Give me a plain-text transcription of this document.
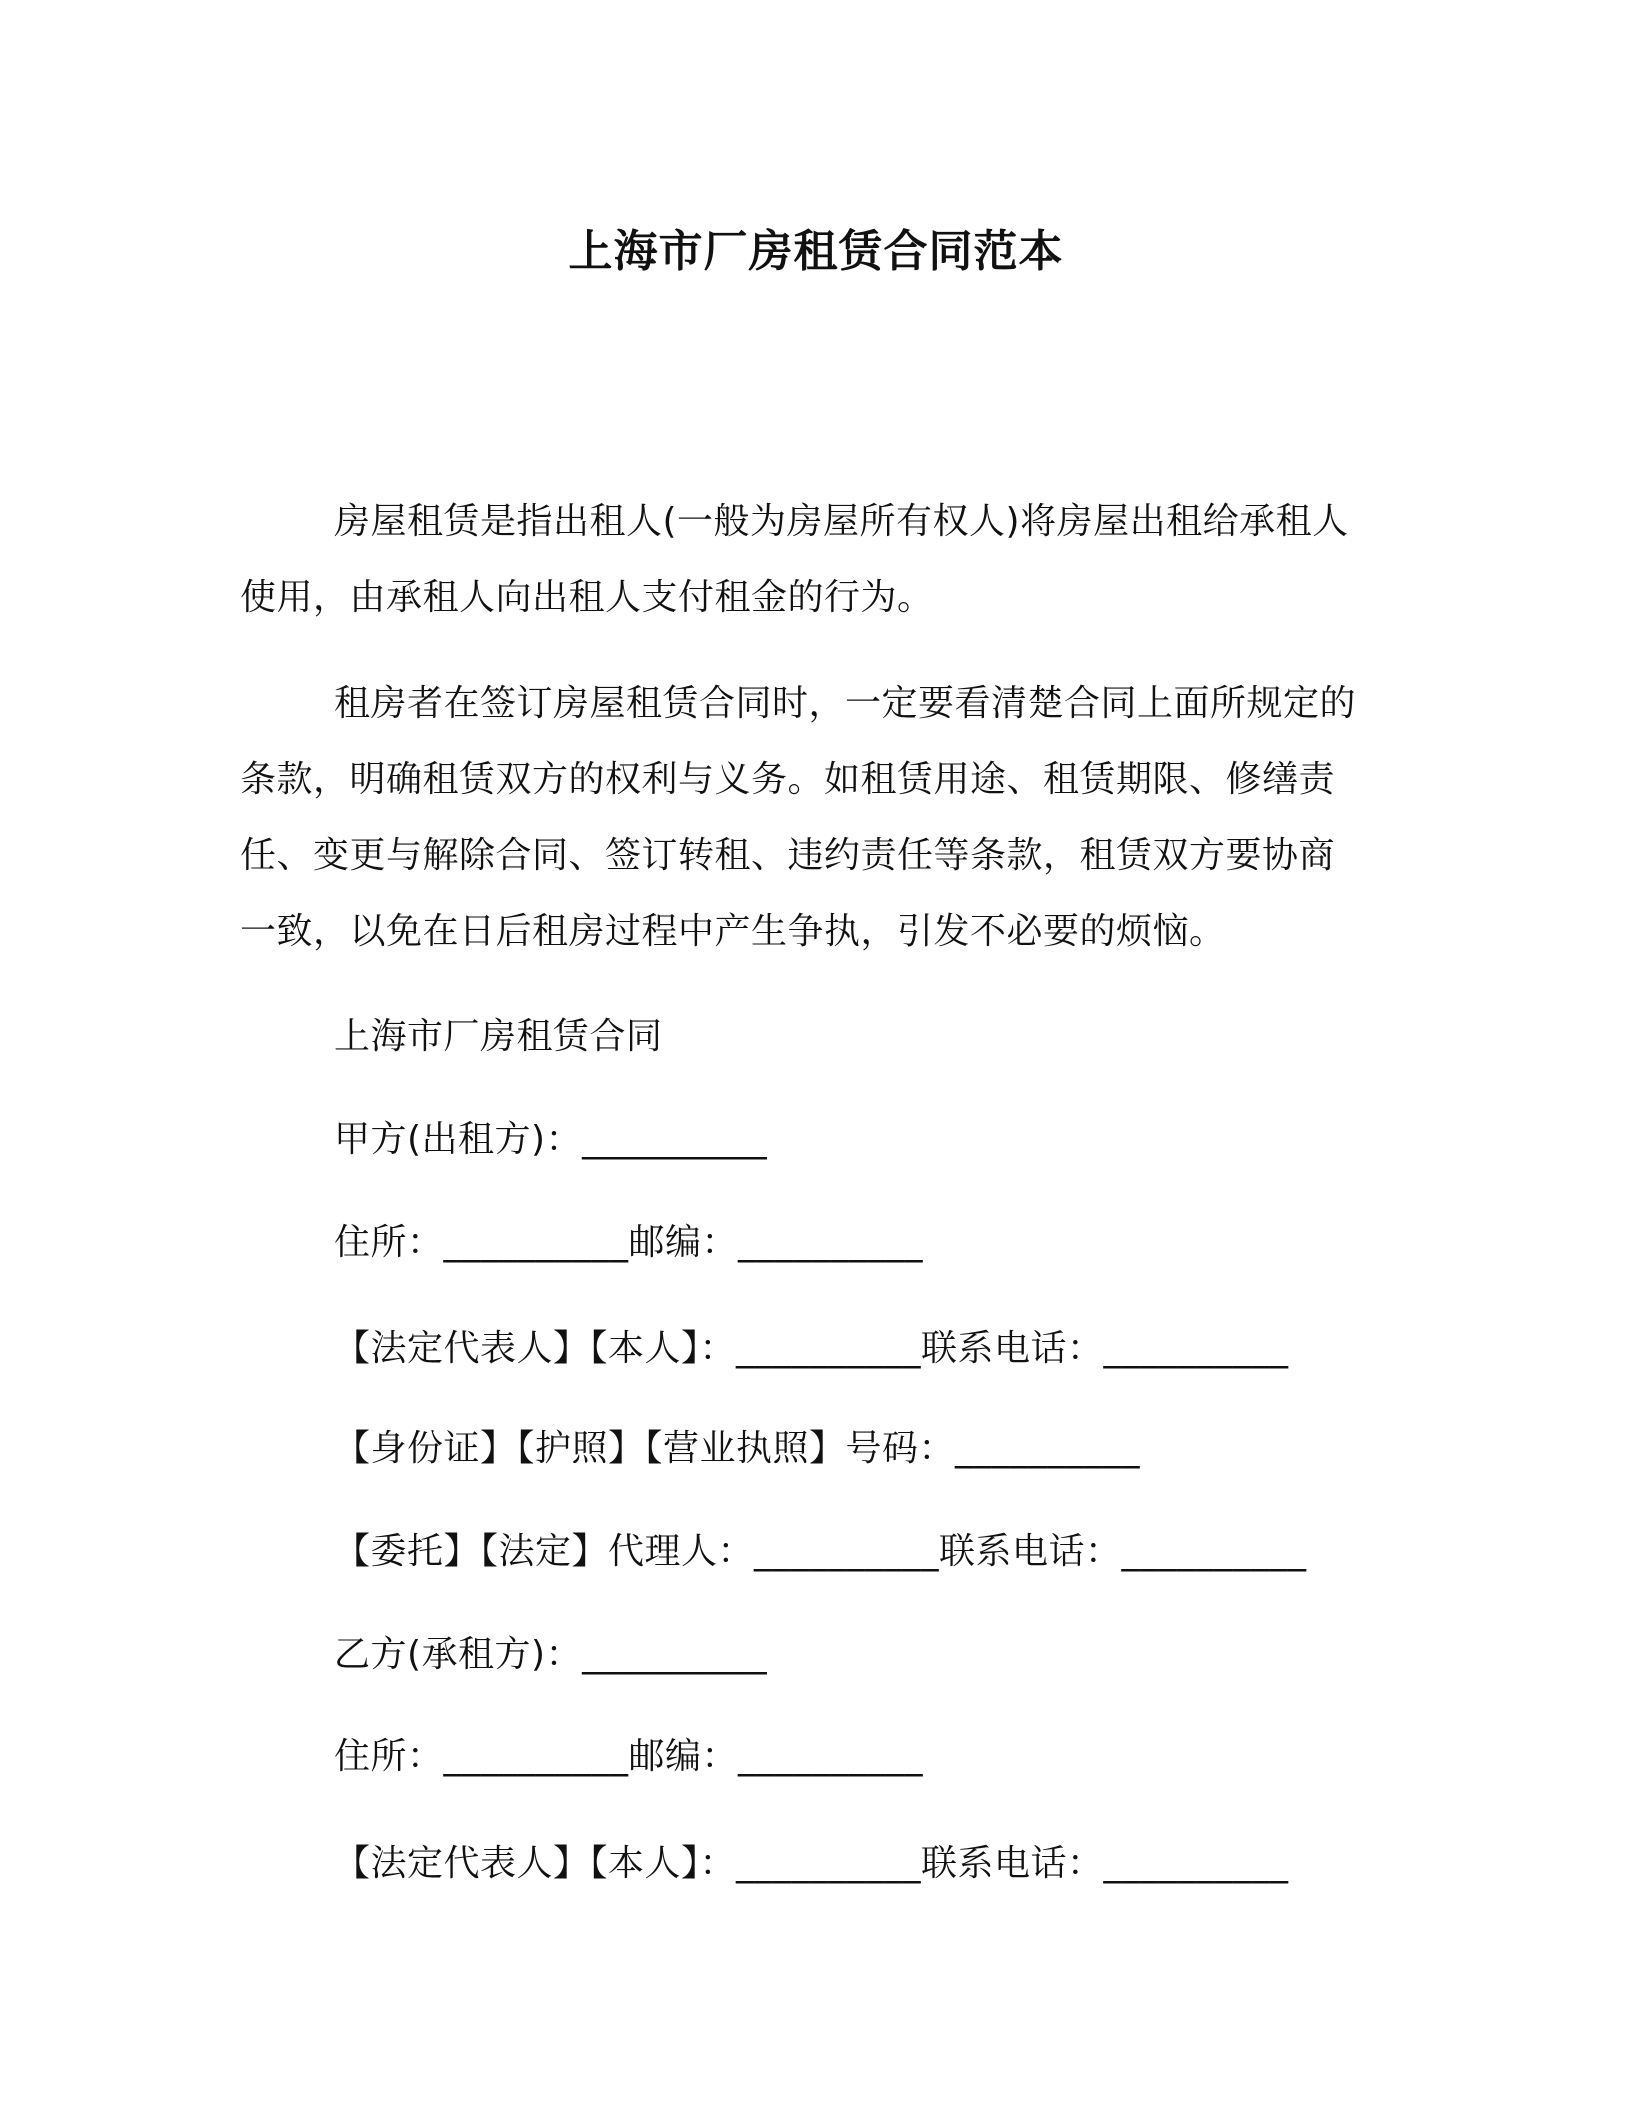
上海市厂房租赁合同范本

房屋租赁是指出租人(一般为房屋所有权人)将房屋出租给承租人使用，由承租人向出租人支付租金的行为。

租房者在签订房屋租赁合同时，一定要看清楚合同上面所规定的条款，明确租赁双方的权利与义务。如租赁用途、租赁期限、修缮责任、变更与解除合同、签订转租、违约责任等条款，租赁双方要协商一致，以免在日后租房过程中产生争执，引发不必要的烦恼。

上海市厂房租赁合同

甲方(出租方)：__________

住所：__________邮编：__________

【法定代表人】【本人】：__________联系电话：__________

【身份证】【护照】【营业执照】号码：__________

【委托】【法定】代理人：__________联系电话：__________

乙方(承租方)：__________

住所：__________邮编：__________

【法定代表人】【本人】：__________联系电话：__________
